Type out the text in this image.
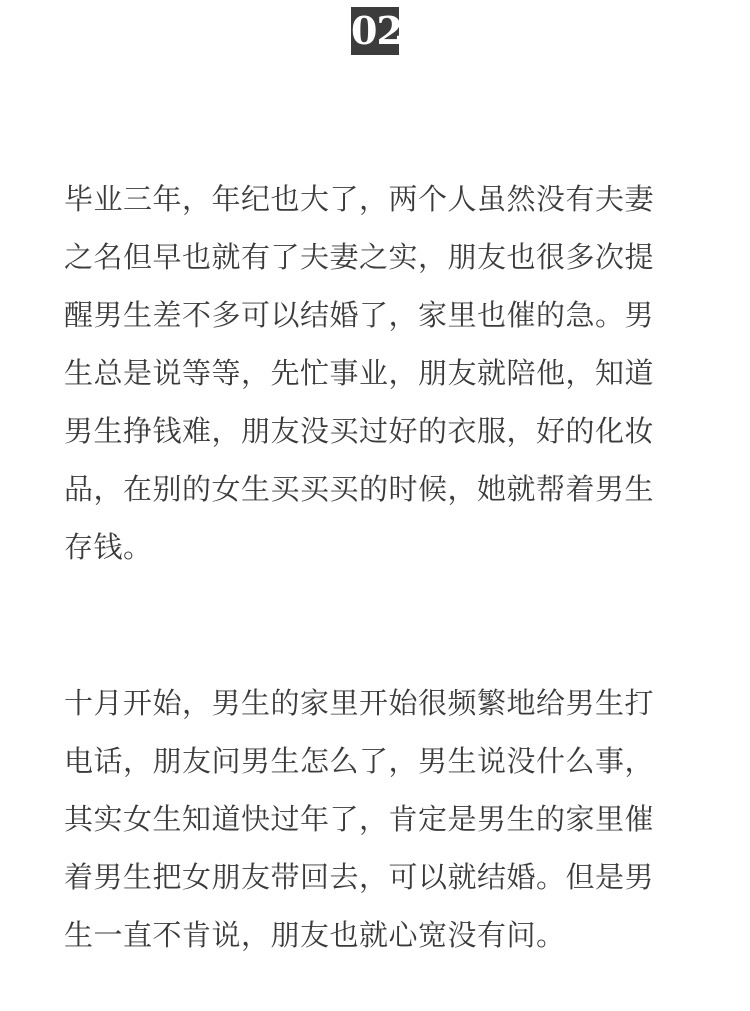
02
毕业三年，年纪也大了，两个人虽然没有夫妻
之名但早也就有了夫妻之实，朋友也很多次提
醒男生差不多可以结婚了，家里也催的急。男
生总是说等等，先忙事业，朋友就陪他，知道
男生挣钱难，朋友没买过好的衣服，好的化妆
品，在别的女生买买买的时候，她就帮着男生
存钱。
十月开始，男生的家里开始很频繁地给男生打
电话，朋友问男生怎么了，男生说没什么事，
其实女生知道快过年了，肯定是男生的家里催
着男生把女朋友带回去，可以就结婚。但是男
生一直不肯说，朋友也就心宽没有问。
